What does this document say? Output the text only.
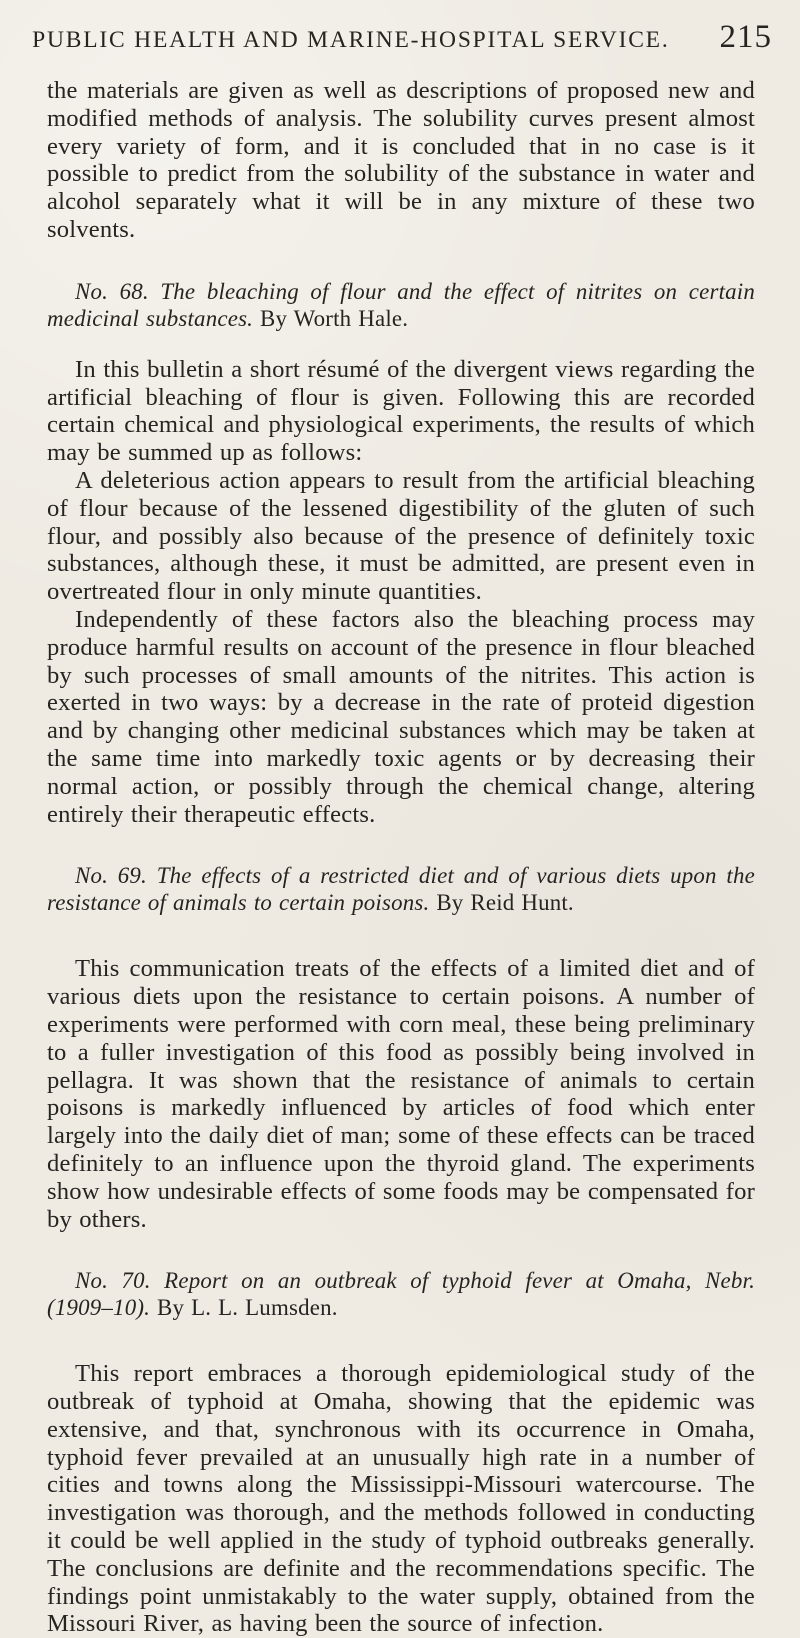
PUBLIC HEALTH AND MARINE-HOSPITAL SERVICE. 215

the materials are given as well as descriptions of proposed new and modified methods of analysis. The solubility curves present almost every variety of form, and it is concluded that in no case is it possible to predict from the solubility of the substance in water and alcohol separately what it will be in any mixture of these two solvents.

No. 68. The bleaching of flour and the effect of nitrites on certain medicinal substances. By Worth Hale.

In this bulletin a short résumé of the divergent views regarding the artificial bleaching of flour is given. Following this are recorded certain chemical and physiological experiments, the results of which may be summed up as follows:

A deleterious action appears to result from the artificial bleaching of flour because of the lessened digestibility of the gluten of such flour, and possibly also because of the presence of definitely toxic substances, although these, it must be admitted, are present even in overtreated flour in only minute quantities.

Independently of these factors also the bleaching process may produce harmful results on account of the presence in flour bleached by such processes of small amounts of the nitrites. This action is exerted in two ways: by a decrease in the rate of proteid digestion and by changing other medicinal substances which may be taken at the same time into markedly toxic agents or by decreasing their normal action, or possibly through the chemical change, altering entirely their therapeutic effects.

No. 69. The effects of a restricted diet and of various diets upon the resistance of animals to certain poisons. By Reid Hunt.

This communication treats of the effects of a limited diet and of various diets upon the resistance to certain poisons. A number of experiments were performed with corn meal, these being preliminary to a fuller investigation of this food as possibly being involved in pellagra. It was shown that the resistance of animals to certain poisons is markedly influenced by articles of food which enter largely into the daily diet of man; some of these effects can be traced definitely to an influence upon the thyroid gland. The experiments show how undesirable effects of some foods may be compensated for by others.

No. 70. Report on an outbreak of typhoid fever at Omaha, Nebr. (1909–10). By L. L. Lumsden.

This report embraces a thorough epidemiological study of the outbreak of typhoid at Omaha, showing that the epidemic was extensive, and that, synchronous with its occurrence in Omaha, typhoid fever prevailed at an unusually high rate in a number of cities and towns along the Mississippi-Missouri watercourse. The investigation was thorough, and the methods followed in conducting it could be well applied in the study of typhoid outbreaks generally. The conclusions are definite and the recommendations specific. The findings point unmistakably to the water supply, obtained from the Missouri River, as having been the source of infection.
